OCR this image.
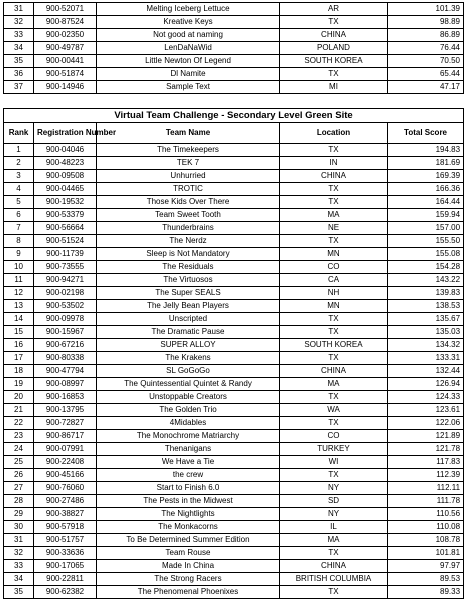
31	900-52071	Melting Iceberg Lettuce	AR	101.39
32	900-87524	Kreative Keys	TX	98.89
33	900-02350	Not good at naming	CHINA	86.89
34	900-49787	LenDaNaWid	POLAND	76.44
35	900-00441	Little Newton Of Legend	SOUTH KOREA	70.50
36	900-51874	Dl Namite	TX	65.44
37	900-14946	Sample Text	MI	47.17
Virtual Team Challenge - Secondary Level Green Site				
Rank	Registration Number	Team Name	Location	Total Score
1	900-04046	The Timekeepers	TX	194.83
2	900-48223	TEK 7	IN	181.69
3	900-09508	Unhurried	CHINA	169.39
4	900-04465	TROTIC	TX	166.36
5	900-19532	Those Kids Over There	TX	164.44
6	900-53379	Team Sweet Tooth	MA	159.94
7	900-56664	Thunderbrains	NE	157.00
8	900-51524	The Nerdz	TX	155.50
9	900-11739	Sleep is Not Mandatory	MN	155.08
10	900-73555	The Residuals	CO	154.28
11	900-94271	The Virtuosos	CA	143.22
12	900-02198	The Super SEALS	NH	139.83
13	900-53502	The Jelly Bean Players	MN	138.53
14	900-09978	Unscripted	TX	135.67
15	900-15967	The Dramatic Pause	TX	135.03
16	900-67216	SUPER ALLOY	SOUTH KOREA	134.32
17	900-80338	The Krakens	TX	133.31
18	900-47794	SL GoGoGo	CHINA	132.44
19	900-08997	The Quintessential Quintet & Randy	MA	126.94
20	900-16853	Unstoppable Creators	TX	124.33
21	900-13795	The Golden Trio	WA	123.61
22	900-72827	4Midables	TX	122.06
23	900-86717	The Monochrome Matriarchy	CO	121.89
24	900-07991	Thenanigans	TURKEY	121.78
25	900-22408	We Have a Tie	WI	117.83
26	900-45166	the crew	TX	112.39
27	900-76060	Start to Finish 6.0	NY	112.11
28	900-27486	The Pests in the Midwest	SD	111.78
29	900-38827	The Nightlights	NY	110.56
30	900-57918	The Monkacorns	IL	110.08
31	900-51757	To Be Determined Summer Edition	MA	108.78
32	900-33636	Team Rouse	TX	101.81
33	900-17065	Made In China	CHINA	97.97
34	900-22811	The Strong Racers	BRITISH COLUMBIA	89.53
35	900-62382	The Phenomenal Phoenixes	TX	89.33
